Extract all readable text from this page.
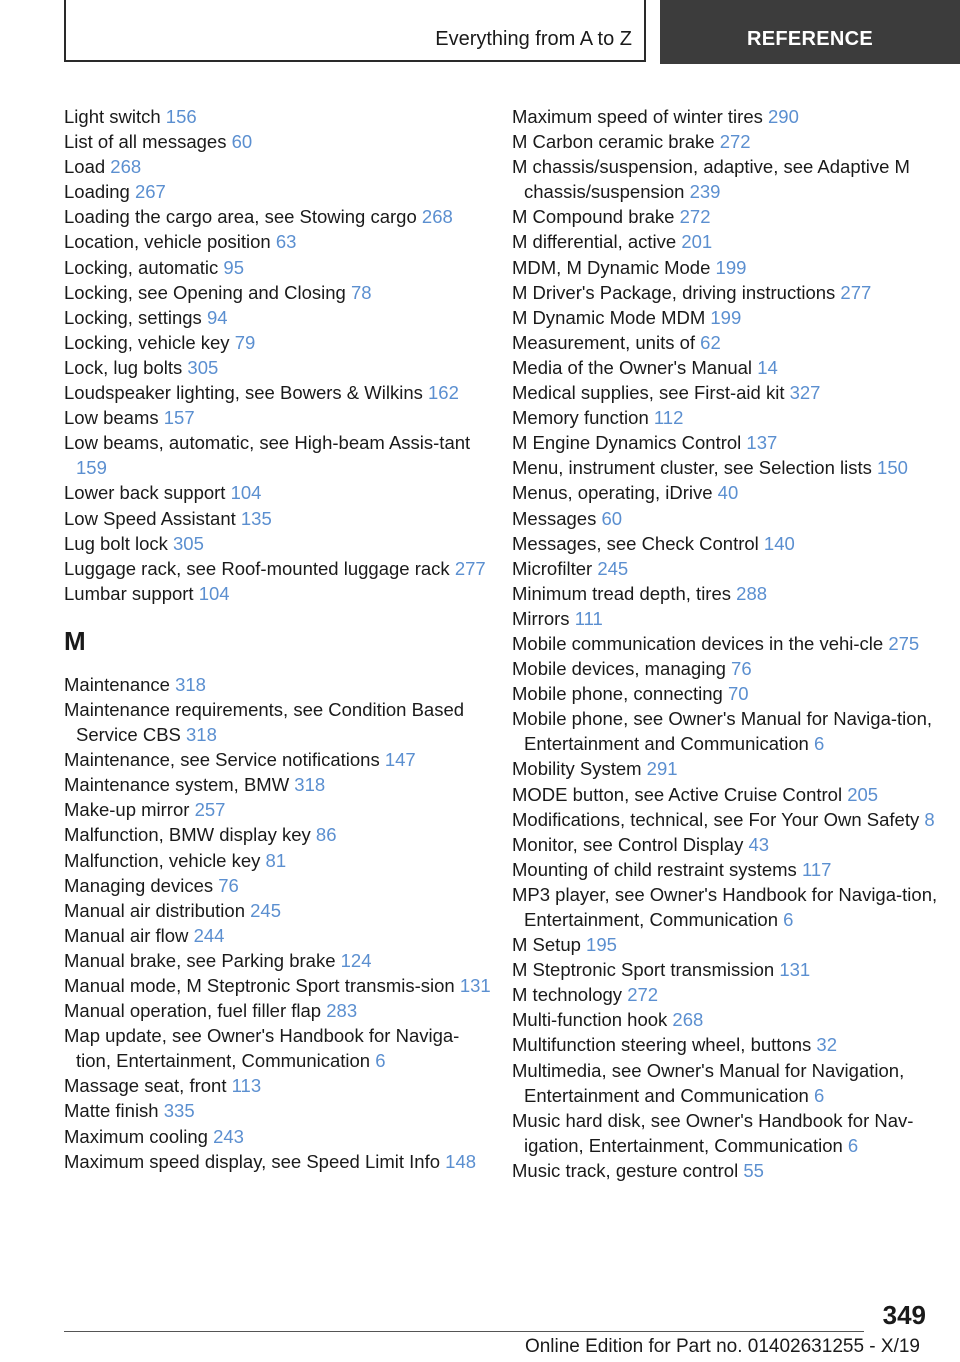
Everything from A to Z	REFERENCE
Light switch 156
List of all messages 60
Load 268
Loading 267
Loading the cargo area, see Stowing cargo 268
Location, vehicle position 63
Locking, automatic 95
Locking, see Opening and Closing 78
Locking, settings 94
Locking, vehicle key 79
Lock, lug bolts 305
Loudspeaker lighting, see Bowers & Wilkins 162
Low beams 157
Low beams, automatic, see High-beam Assis-tant 159
Lower back support 104
Low Speed Assistant 135
Lug bolt lock 305
Luggage rack, see Roof-mounted luggage rack 277
Lumbar support 104
M
Maintenance 318
Maintenance requirements, see Condition Based Service CBS 318
Maintenance, see Service notifications 147
Maintenance system, BMW 318
Make-up mirror 257
Malfunction, BMW display key 86
Malfunction, vehicle key 81
Managing devices 76
Manual air distribution 245
Manual air flow 244
Manual brake, see Parking brake 124
Manual mode, M Steptronic Sport transmis-sion 131
Manual operation, fuel filler flap 283
Map update, see Owner's Handbook for Naviga-tion, Entertainment, Communication 6
Massage seat, front 113
Matte finish 335
Maximum cooling 243
Maximum speed display, see Speed Limit Info 148
Maximum speed of winter tires 290
M Carbon ceramic brake 272
M chassis/suspension, adaptive, see Adaptive M chassis/suspension 239
M Compound brake 272
M differential, active 201
MDM, M Dynamic Mode 199
M Driver's Package, driving instructions 277
M Dynamic Mode MDM 199
Measurement, units of 62
Media of the Owner's Manual 14
Medical supplies, see First-aid kit 327
Memory function 112
M Engine Dynamics Control 137
Menu, instrument cluster, see Selection lists 150
Menus, operating, iDrive 40
Messages 60
Messages, see Check Control 140
Microfilter 245
Minimum tread depth, tires 288
Mirrors 111
Mobile communication devices in the vehi-cle 275
Mobile devices, managing 76
Mobile phone, connecting 70
Mobile phone, see Owner's Manual for Naviga-tion, Entertainment and Communication 6
Mobility System 291
MODE button, see Active Cruise Control 205
Modifications, technical, see For Your Own Safety 8
Monitor, see Control Display 43
Mounting of child restraint systems 117
MP3 player, see Owner's Handbook for Naviga-tion, Entertainment, Communication 6
M Setup 195
M Steptronic Sport transmission 131
M technology 272
Multi-function hook 268
Multifunction steering wheel, buttons 32
Multimedia, see Owner's Manual for Navigation, Entertainment and Communication 6
Music hard disk, see Owner's Handbook for Nav-igation, Entertainment, Communication 6
Music track, gesture control 55
349
Online Edition for Part no. 01402631255 - X/19
